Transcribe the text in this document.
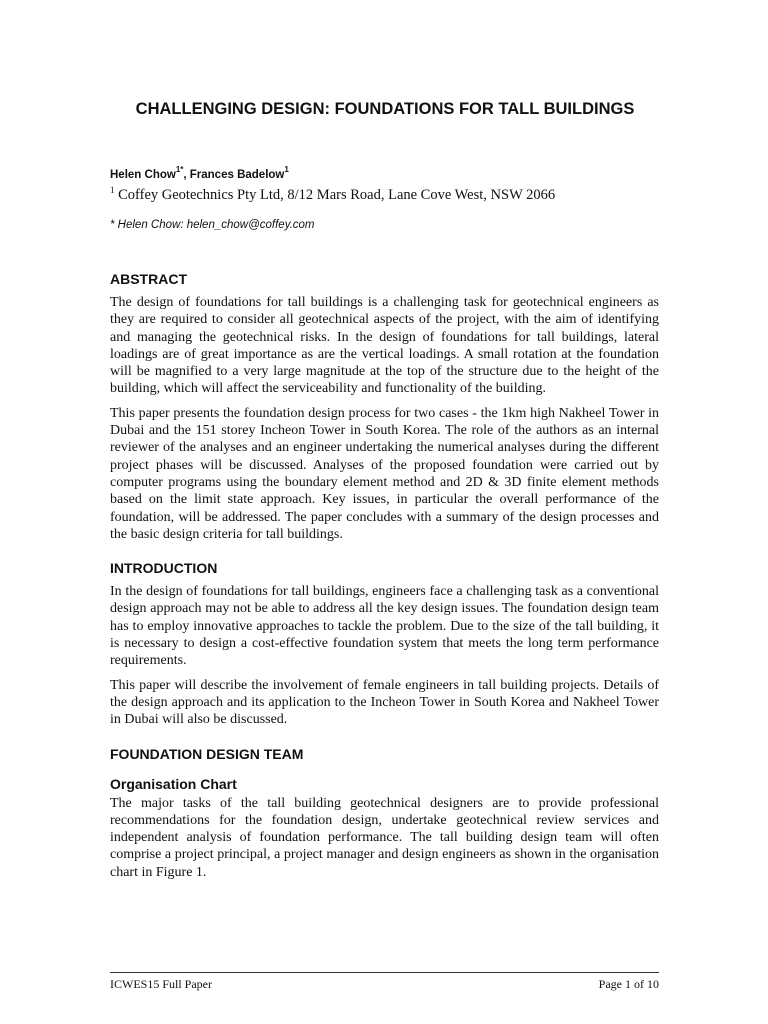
CHALLENGING DESIGN: FOUNDATIONS FOR TALL BUILDINGS

Helen Chow$^{1*}$, Frances Badelow$^1$

$^1$ Coffey Geotechnics Pty Ltd, 8/12 Mars Road, Lane Cove West, NSW 2066

* Helen Chow: helen_chow@coffey.com

ABSTRACT

The design of foundations for tall buildings is a challenging task for geotechnical engineers as they are required to consider all geotechnical aspects of the project, with the aim of identifying and managing the geotechnical risks. In the design of foundations for tall buildings, lateral loadings are of great importance as are the vertical loadings. A small rotation at the foundation will be magnified to a very large magnitude at the top of the structure due to the height of the building, which will affect the serviceability and functionality of the building.

This paper presents the foundation design process for two cases - the 1km high Nakheel Tower in Dubai and the 151 storey Incheon Tower in South Korea. The role of the authors as an internal reviewer of the analyses and an engineer undertaking the numerical analyses during the different project phases will be discussed. Analyses of the proposed foundation were carried out by computer programs using the boundary element method and 2D & 3D finite element methods based on the limit state approach. Key issues, in particular the overall performance of the foundation, will be addressed. The paper concludes with a summary of the design processes and the basic design criteria for tall buildings.

INTRODUCTION

In the design of foundations for tall buildings, engineers face a challenging task as a conventional design approach may not be able to address all the key design issues. The foundation design team has to employ innovative approaches to tackle the problem. Due to the size of the tall building, it is necessary to design a cost-effective foundation system that meets the long term performance requirements.

This paper will describe the involvement of female engineers in tall building projects. Details of the design approach and its application to the Incheon Tower in South Korea and Nakheel Tower in Dubai will also be discussed.

FOUNDATION DESIGN TEAM
Organisation Chart

The major tasks of the tall building geotechnical designers are to provide professional recommendations for the foundation design, undertake geotechnical review services and independent analysis of foundation performance. The tall building design team will often comprise a project principal, a project manager and design engineers as shown in the organisation chart in Figure 1.

ICWES15 Full Paper	Page 1 of 10
